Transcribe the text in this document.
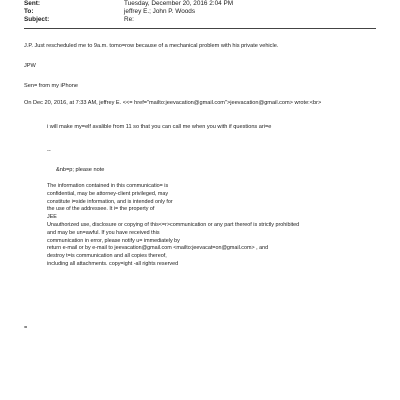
Sent:	Tuesday, December 20, 2016 2:04 PM
To:	jeffrey E.; John P. Woods
Subject:	Re:
J.P. Just rescheduled me to 9a.m. tomo=row because of a mechanical problem with his private vehicle.
JPW
Sen= from my iPhone
On Dec 20, 2016, at 7:33 AM, jeffrey E. <<= href="mailto:jeevacation@gmail.com">jeevacation@gmail.com> wrote:<br>
i will make my=elf avalible from 11 so that you can call me when you with if questions ari=e
--
&nb=p; please note
The information contained in this communicatio= is
confidential, may be attorney-client privileged, may
constitute i=side information, and is intended only for
the use of the addressee. It i= the property of
JEE
Unauthorized use, disclosure or copying of this<=r>communication or any part thereof is strictly prohibited
and may be un=awful. If you have received this
communication in error, please notify u= immediately by
return e-mail or by e-mail to jeevacation@gmail.com <mailto:jeevacat=on@gmail.com> , and
destroy t=is communication and all copies thereof,
including all attachments. copy=ight -all rights reserved
=
